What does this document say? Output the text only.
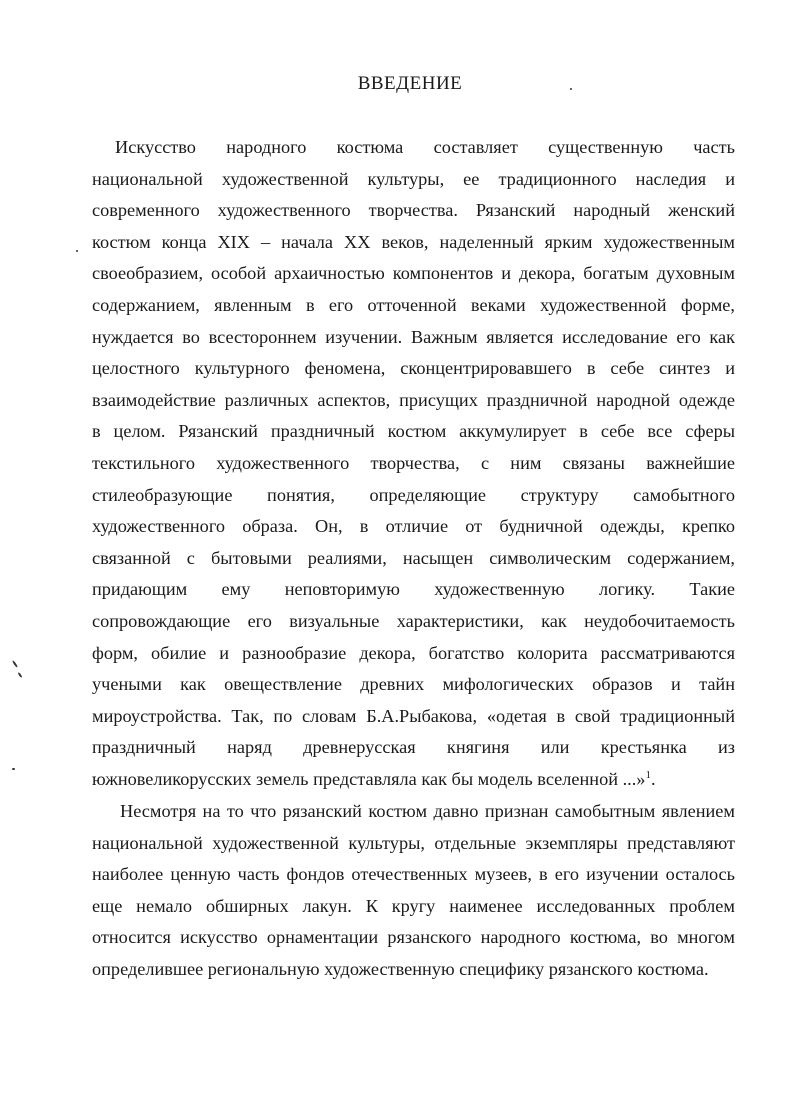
ВВЕДЕНИЕ
Искусство народного костюма составляет существенную часть
национальной художественной культуры, ее традиционного наследия и
современного художественного творчества. Рязанский народный женский
костюм конца XIX – начала XX веков, наделенный ярким художественным
своеобразием, особой архаичностью компонентов и декора, богатым духовным
содержанием, явленным в его отточенной веками художественной форме,
нуждается во всестороннем изучении. Важным является исследование его как
целостного культурного феномена, сконцентрировавшего в себе синтез и
взаимодействие различных аспектов, присущих праздничной народной одежде
в целом. Рязанский праздничный костюм аккумулирует в себе все сферы
текстильного художественного творчества, с ним связаны важнейшие
стилеобразующие понятия, определяющие структуру самобытного
художественного образа. Он, в отличие от будничной одежды, крепко
связанной с бытовыми реалиями, насыщен символическим содержанием,
придающим ему неповторимую художественную логику. Такие
сопровождающие его визуальные характеристики, как неудобочитаемость
форм, обилие и разнообразие декора, богатство колорита рассматриваются
учеными как овеществление древних мифологических образов и тайн
мироустройства. Так, по словам Б.А.Рыбакова, «одетая в свой традиционный
праздничный наряд древнерусская княгиня или крестьянка из
южновеликорусских земель представляла как бы модель вселенной ...»$^1$.
Несмотря на то что рязанский костюм давно признан самобытным явлением
национальной художественной культуры, отдельные экземпляры представляют
наиболее ценную часть фондов отечественных музеев, в его изучении осталось
еще немало обширных лакун. К кругу наименее исследованных проблем
относится искусство орнаментации рязанского народного костюма, во многом
определившее региональную художественную специфику рязанского костюма.
